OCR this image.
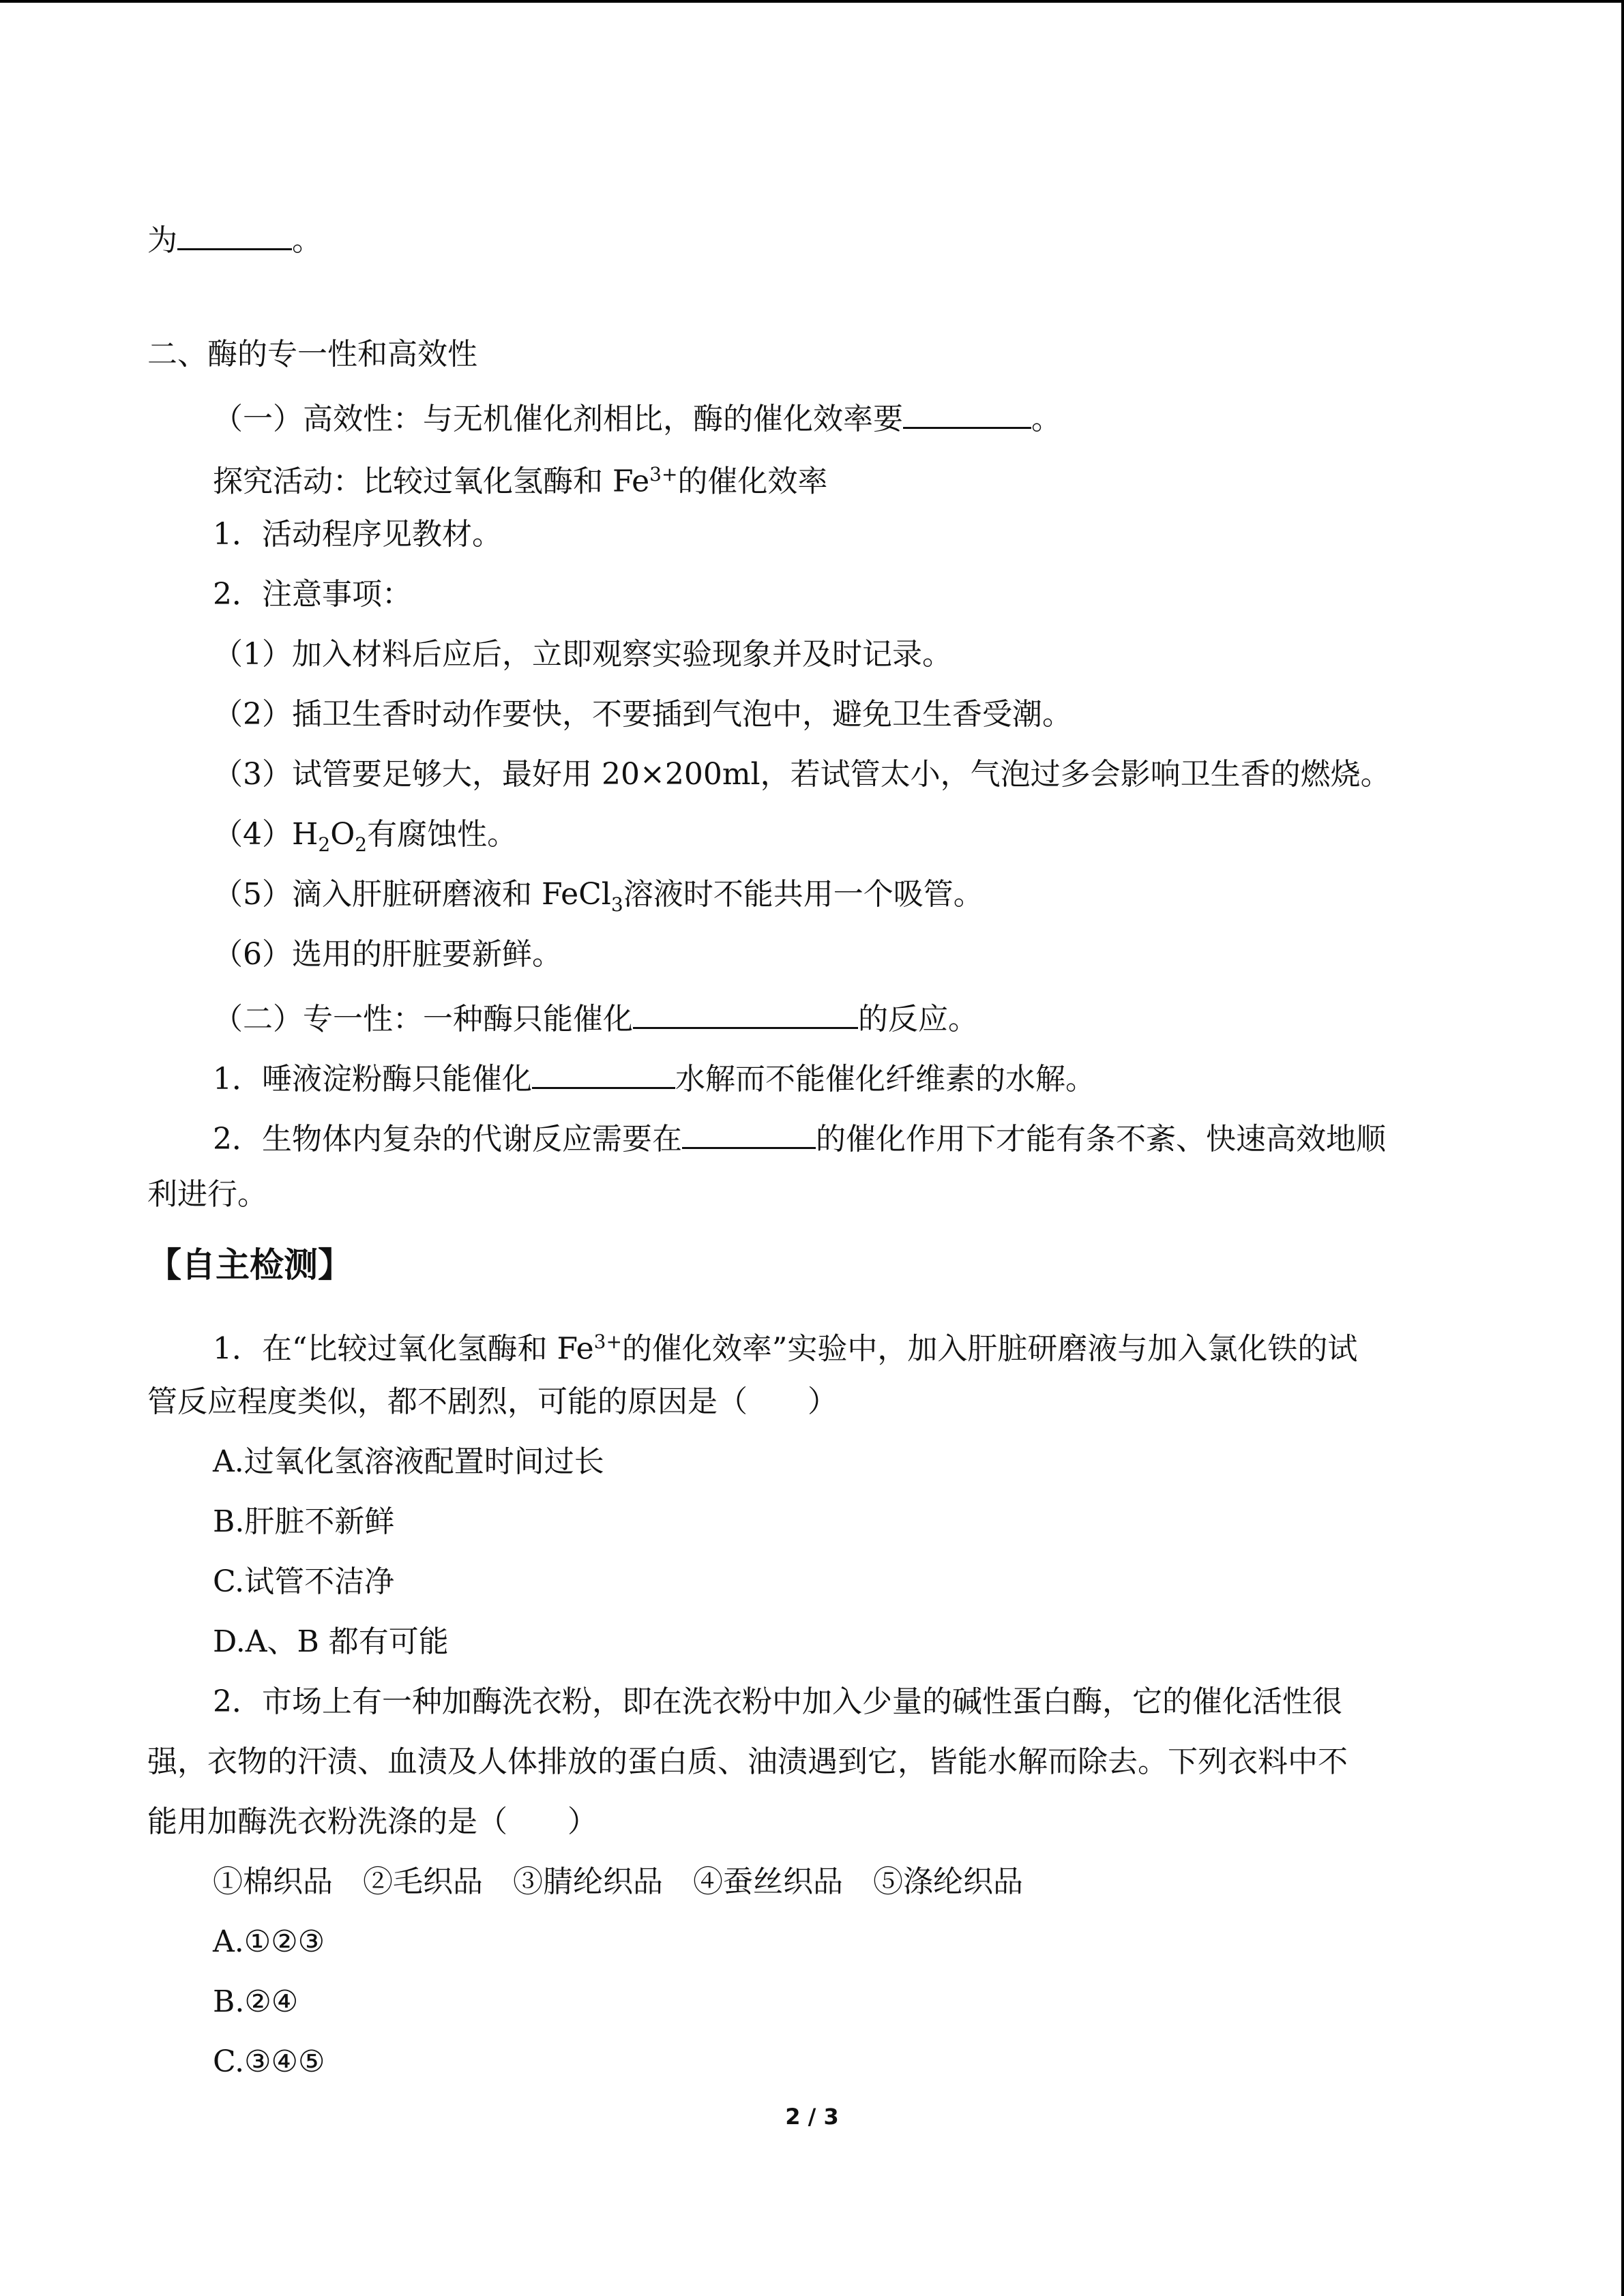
为	。
二、酶的专一性和高效性
（一）高效性：与无机催化剂相比，酶的催化效率要	。
探究活动：比较过氧化氢酶和 $Fe^{3+}$的催化效率
1．活动程序见教材。
2．注意事项：
（1）加入材料后应后，立即观察实验现象并及时记录。
（2）插卫生香时动作要快，不要插到气泡中，避免卫生香受潮。
（3）试管要足够大，最好用 20×200ml，若试管太小，气泡过多会影响卫生香的燃烧。
$(4)H_2O_2$有腐蚀性。
（5）滴入肝脏研磨液和 FeCl$_3$溶液时不能共用一个吸管。
（6）选用的肝脏要新鲜。
（二）专一性：一种酶只能催化	的反应。
1．唾液淀粉酶只能催化	水解而不能催化纤维素的水解。
2．生物体内复杂的代谢反应需要在	的催化作用下才能有条不紊、快速高效地顺
利进行。
【自主检测】
1．在“比较过氧化氢酶和 $Fe^{3+}$的催化效率”实验中，加入肝脏研磨液与加入氯化铁的试
管反应程度类似，都不剧烈，可能的原因是（　　）
A.过氧化氢溶液配置时间过长
B.肝脏不新鲜
C.试管不洁净
D.A、B 都有可能
2．市场上有一种加酶洗衣粉，即在洗衣粉中加入少量的碱性蛋白酶，它的催化活性很
强，衣物的汗渍、血渍及人体排放的蛋白质、油渍遇到它，皆能水解而除去。下列衣料中不
能用加酶洗衣粉洗涤的是（　　）
①棉织品　②毛织品　③腈纶织品　④蚕丝织品　⑤涤纶织品
A.①②③
B.②④
C.③④⑤
2 / 3
